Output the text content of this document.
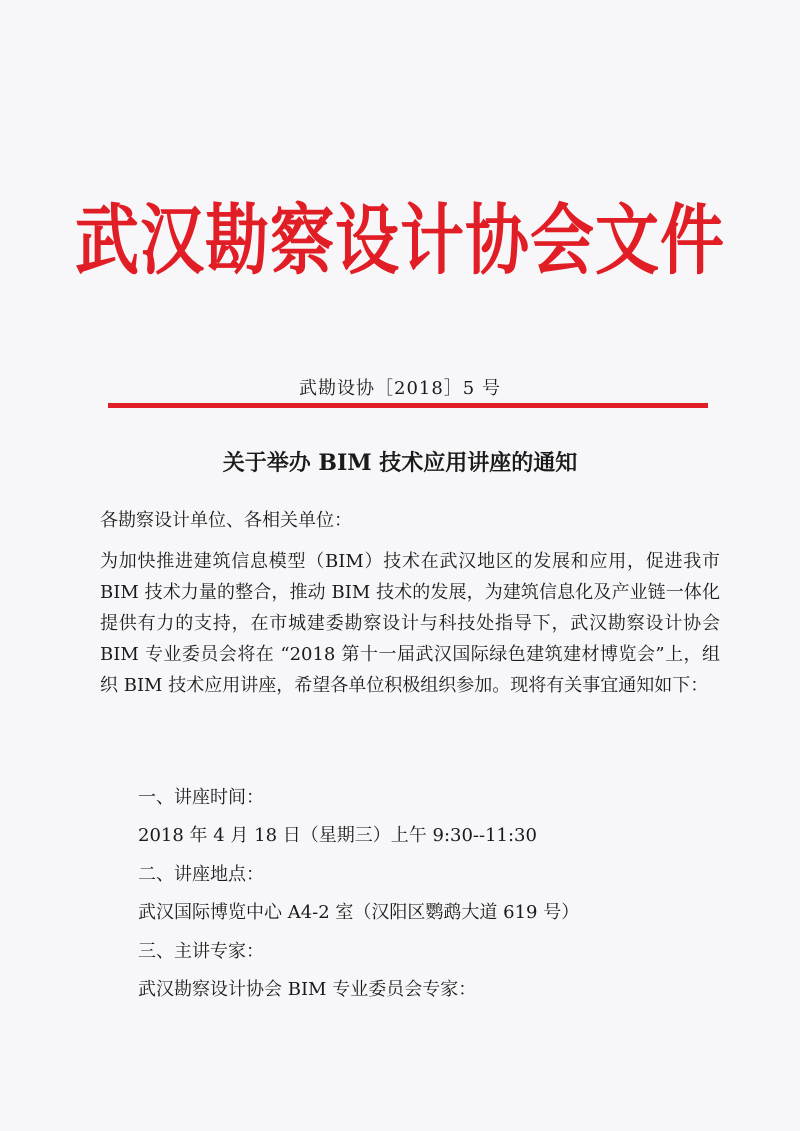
武汉勘察设计协会文件
武勘设协［2018］5 号
关于举办 BIM 技术应用讲座的通知
各勘察设计单位、各相关单位：

为加快推进建筑信息模型（BIM）技术在武汉地区的发展和应用，促进我市 BIM 技术力量的整合，推动 BIM 技术的发展，为建筑信息化及产业链一体化提供有力的支持，在市城建委勘察设计与科技处指导下，武汉勘察设计协会 BIM 专业委员会将在 “2018 第十一届武汉国际绿色建筑建材博览会”上，组织 BIM 技术应用讲座，希望各单位积极组织参加。现将有关事宜通知如下：

一、讲座时间：
2018 年 4 月 18 日（星期三）上午 9:30--11:30
二、讲座地点：
武汉国际博览中心 A4-2 室（汉阳区鹦鹉大道 619 号）
三、主讲专家：
武汉勘察设计协会 BIM 专业委员会专家：
